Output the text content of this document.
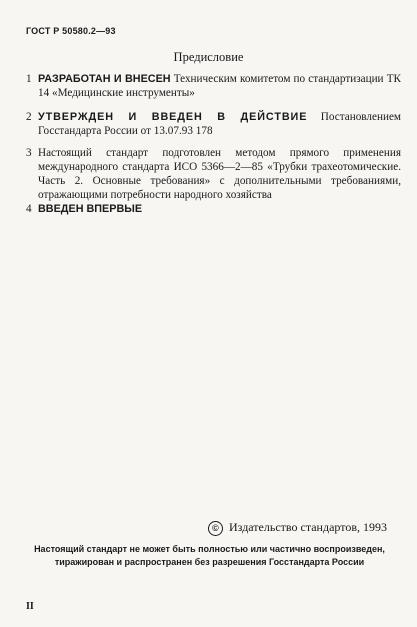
ГОСТ Р 50580.2—93
Предисловие
1 РАЗРАБОТАН И ВНЕСЕН Техническим комитетом по стандартизации ТК 14 «Медицинские инструменты»
2 УТВЕРЖДЕН И ВВЕДЕН В ДЕЙСТВИЕ Постановлением Госстандарта России от 13.07.93 178
3 Настоящий стандарт подготовлен методом прямого применения международного стандарта ИСО 5366—2—85 «Трубки трахеотомические. Часть 2. Основные требования» с дополнительными требованиями, отражающими потребности народного хозяйства
4 ВВЕДЕН ВПЕРВЫЕ
© Издательство стандартов, 1993
Настоящий стандарт не может быть полностью или частично воспроизведен,
тиражирован и распространен без разрешения Госстандарта России
II
